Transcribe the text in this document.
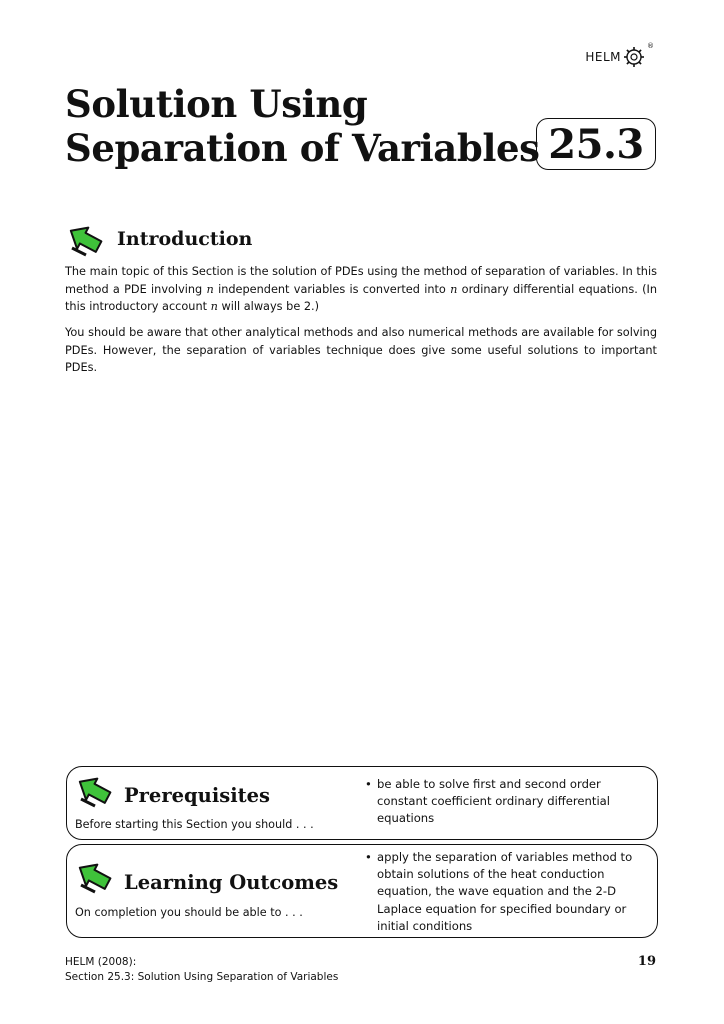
HELM
®
Solution Using
Separation of Variables 25.3
Introduction
The main topic of this Section is the solution of PDEs using the method of separation of variables. In this method a PDE involving n independent variables is converted into n ordinary differential equations. (In this introductory account n will always be 2.)
You should be aware that other analytical methods and also numerical methods are available for solving PDEs. However, the separation of variables technique does give some useful solutions to important PDEs.
Prerequisites
Before starting this Section you should . . .
• be able to solve first and second order constant coefficient ordinary differential equations
Learning Outcomes
On completion you should be able to . . .
• apply the separation of variables method to obtain solutions of the heat conduction equation, the wave equation and the 2-D Laplace equation for specified boundary or initial conditions
HELM (2008):
Section 25.3: Solution Using Separation of Variables
19
